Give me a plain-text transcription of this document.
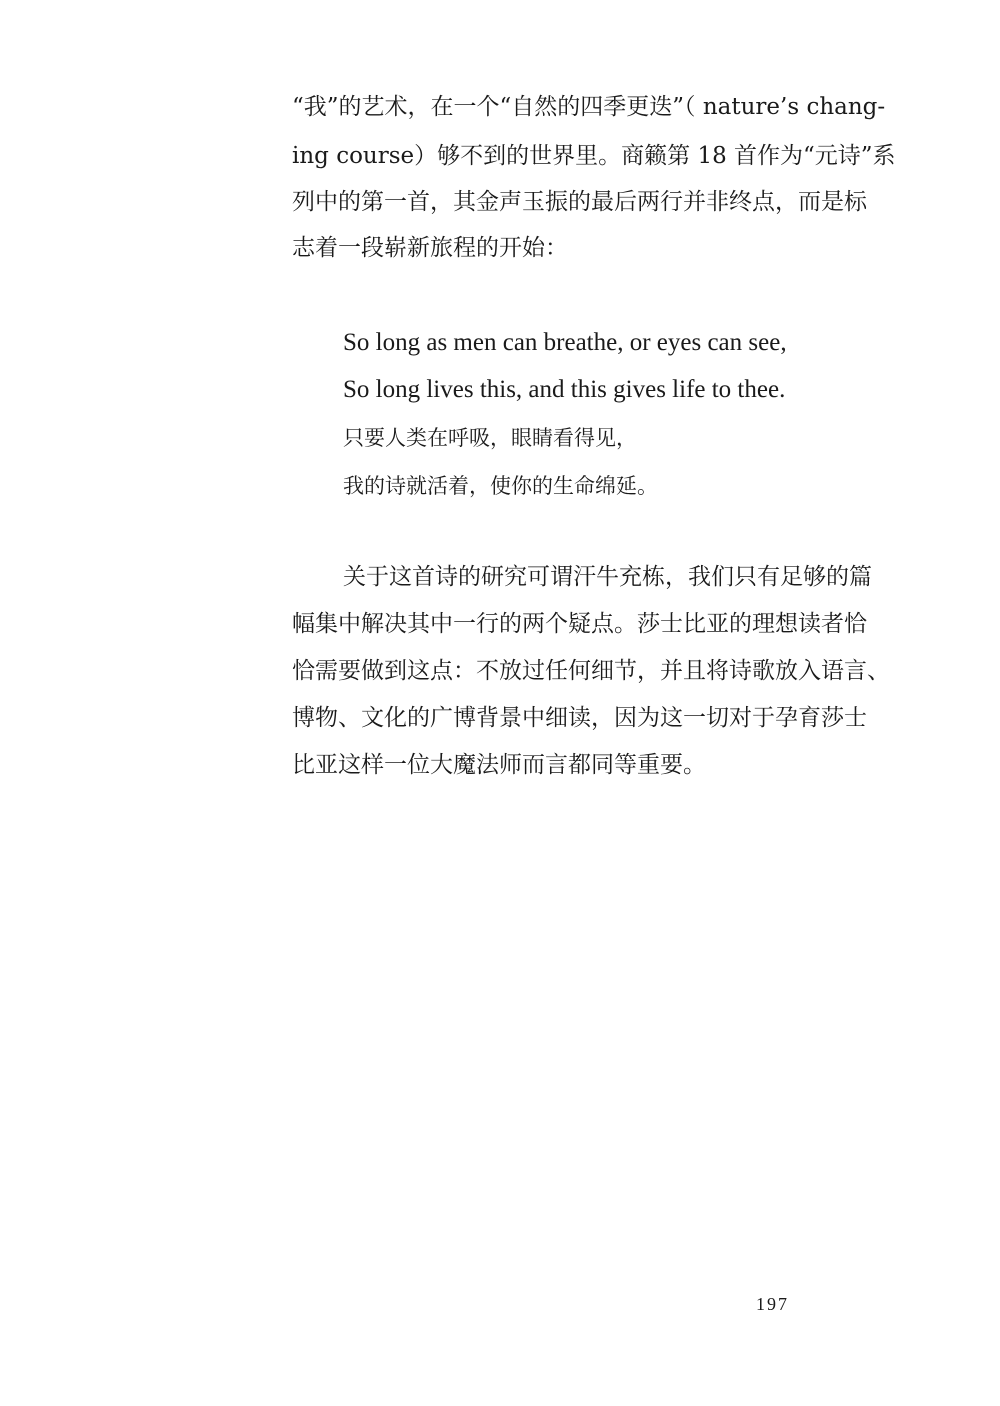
“我”的艺术，在一个“自然的四季更迭”（ nature’s chang-
ing course）够不到的世界里。商籁第 18 首作为“元诗”系
列中的第一首，其金声玉振的最后两行并非终点，而是标
志着一段崭新旅程的开始：
So long as men can breathe, or eyes can see,
So long lives this, and this gives life to thee.
只要人类在呼吸，眼睛看得见，
我的诗就活着，使你的生命绵延。
关于这首诗的研究可谓汗牛充栋，我们只有足够的篇
幅集中解决其中一行的两个疑点。莎士比亚的理想读者恰
恰需要做到这点：不放过任何细节，并且将诗歌放入语言、
博物、文化的广博背景中细读，因为这一切对于孕育莎士
比亚这样一位大魔法师而言都同等重要。
197
